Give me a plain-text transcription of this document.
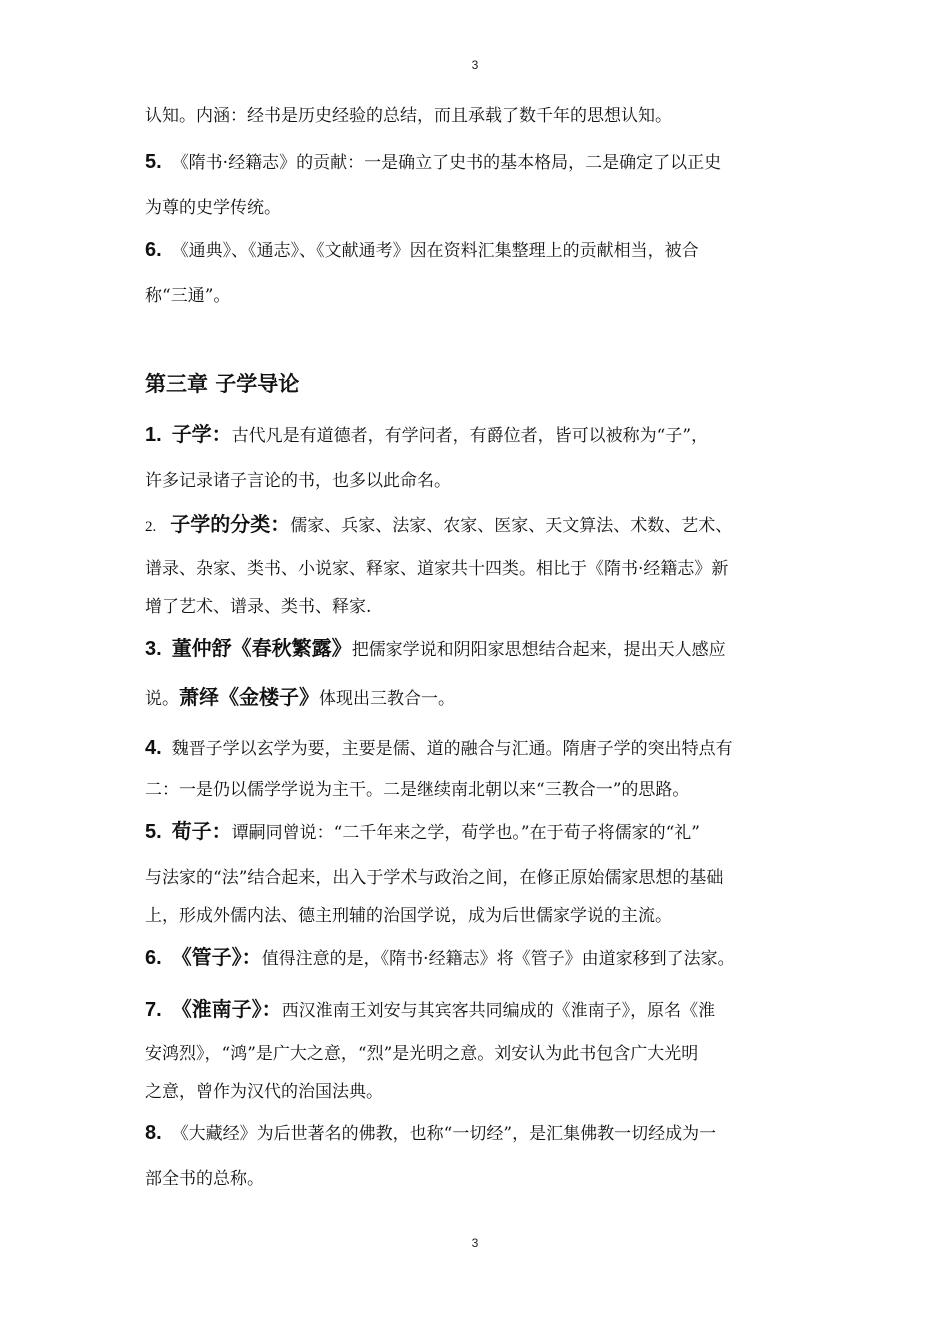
3
认知。内涵：经书是历史经验的总结，而且承载了数千年的思想认知。
5. 《隋书·经籍志》的贡献：一是确立了史书的基本格局，二是确定了以正史
为尊的史学传统。
6. 《通典》、《通志》、《文献通考》因在资料汇集整理上的贡献相当，被合
称“三通”。
第三章 子学导论
1. 子学：古代凡是有道德者，有学问者，有爵位者，皆可以被称为“子”，
许多记录诸子言论的书，也多以此命名。
2. 子学的分类：儒家、兵家、法家、农家、医家、天文算法、术数、艺术、
谱录、杂家、类书、小说家、释家、道家共十四类。相比于《隋书·经籍志》新
增了艺术、谱录、类书、释家.
3. 董仲舒《春秋繁露》把儒家学说和阴阳家思想结合起来，提出天人感应
说。萧绎《金楼子》体现出三教合一。
4. 魏晋子学以玄学为要，主要是儒、道的融合与汇通。隋唐子学的突出特点有
二：一是仍以儒学学说为主干。二是继续南北朝以来“三教合一”的思路。
5. 荀子：谭嗣同曾说：“二千年来之学，荀学也。”在于荀子将儒家的“礼”
与法家的“法”结合起来，出入于学术与政治之间，在修正原始儒家思想的基础
上，形成外儒内法、德主刑辅的治国学说，成为后世儒家学说的主流。
6. 《管子》：值得注意的是，《隋书·经籍志》将《管子》由道家移到了法家。
7. 《淮南子》：西汉淮南王刘安与其宾客共同编成的《淮南子》，原名《淮
安鸿烈》，“鸿”是广大之意，“烈”是光明之意。刘安认为此书包含广大光明
之意，曾作为汉代的治国法典。
8. 《大藏经》为后世著名的佛教，也称“一切经”，是汇集佛教一切经成为一
部全书的总称。
3
